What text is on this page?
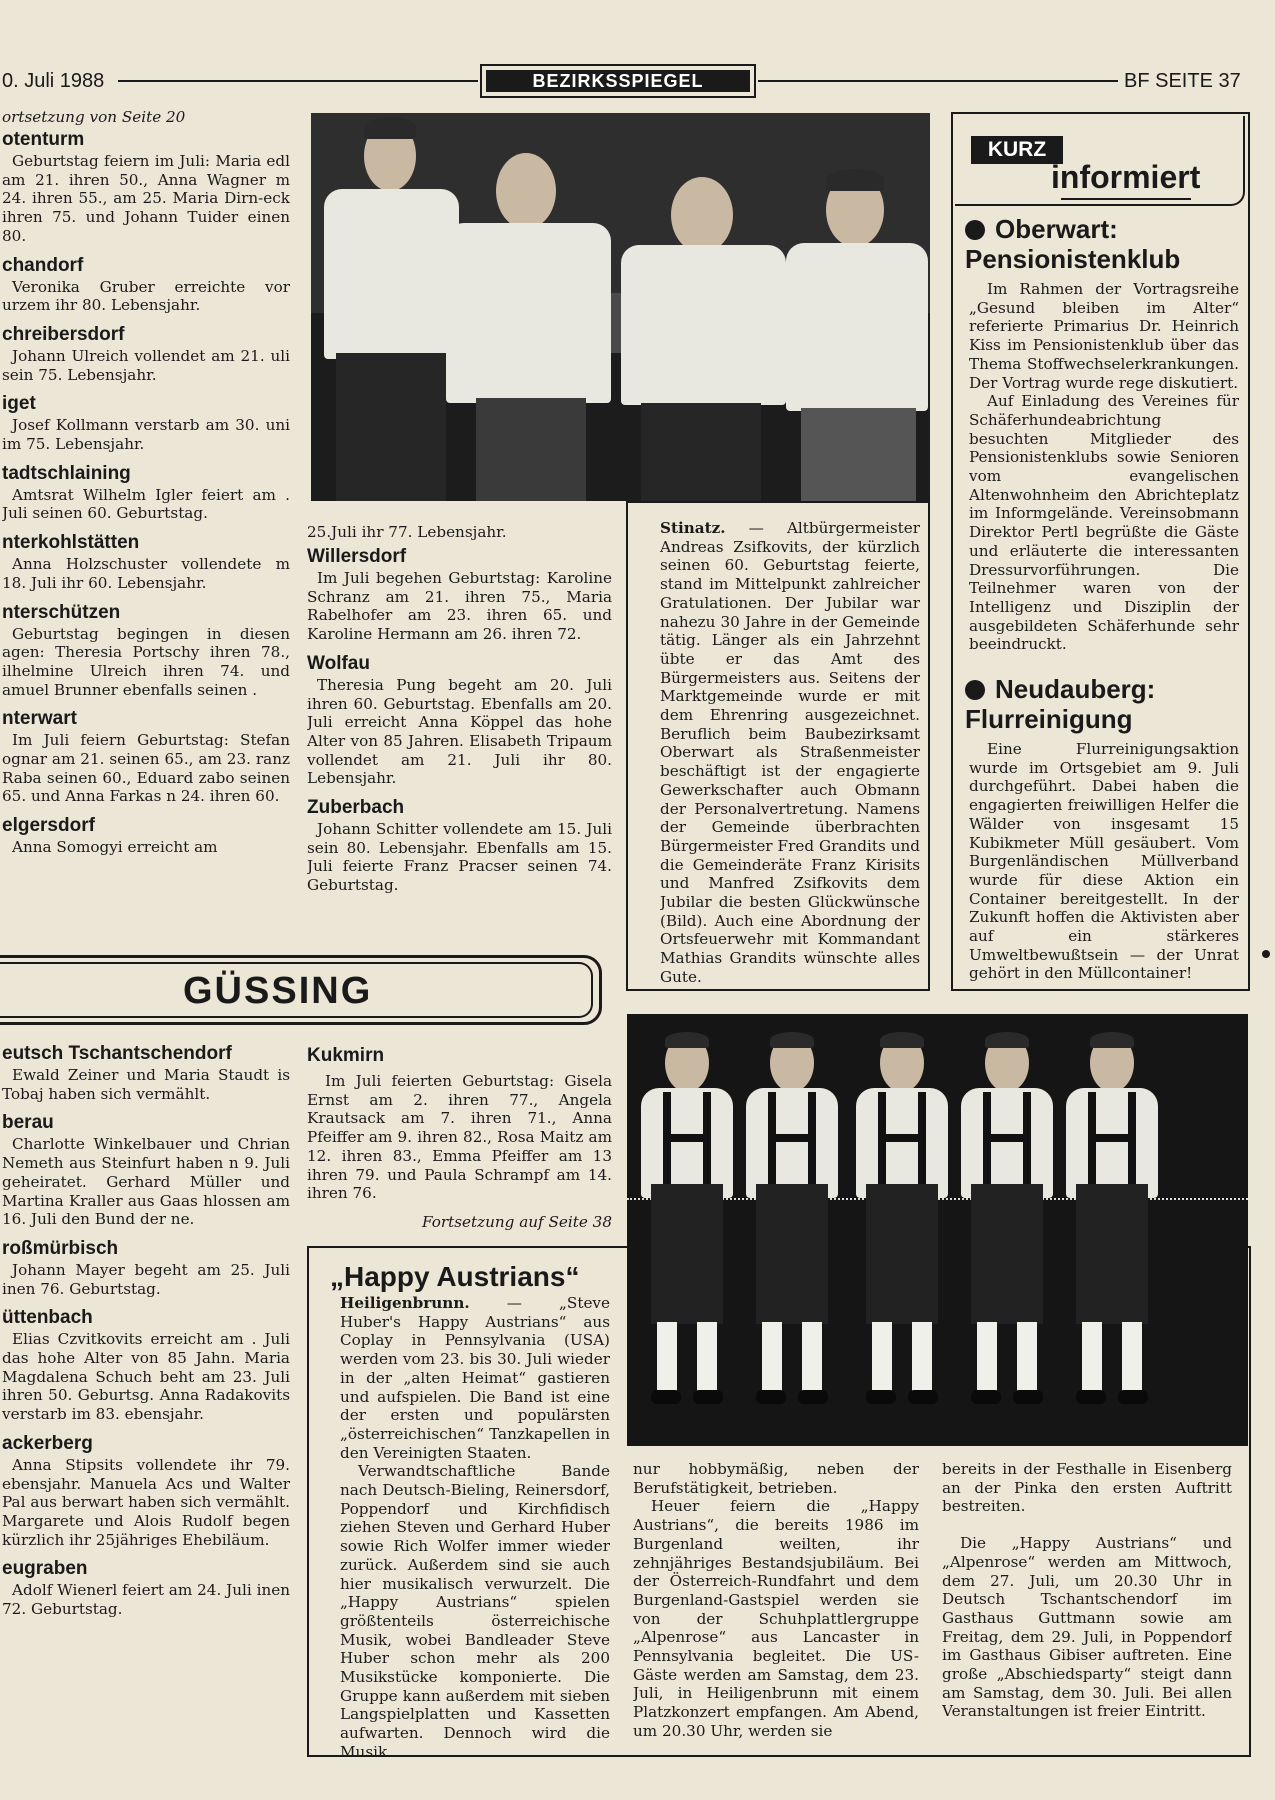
0. Juli 1988	BEZIRKSSPIEGEL	BF SEITE 37
ortsetzung von Seite 20
otenturm
Geburtstag feiern im Juli: Maria edl am 21. ihren 50., Anna Wagner m 24. ihren 55., am 25. Maria Dirn-eck ihren 75. und Johann Tuider einen 80.
chandorf
Veronika Gruber erreichte vor urzem ihr 80. Lebensjahr.
chreibersdorf
Johann Ulreich vollendet am 21. uli sein 75. Lebensjahr.
iget
Josef Kollmann verstarb am 30. uni im 75. Lebensjahr.
tadtschlaining
Amtsrat Wilhelm Igler feiert am . Juli seinen 60. Geburtstag.
nterkohlstätten
Anna Holzschuster vollendete m 18. Juli ihr 60. Lebensjahr.
nterschützen
Geburtstag begingen in diesen agen: Theresia Portschy ihren 78., ilhelmine Ulreich ihren 74. und amuel Brunner ebenfalls seinen .
nterwart
Im Juli feiern Geburtstag: Stefan ognar am 21. seinen 65., am 23. ranz Raba seinen 60., Eduard zabo seinen 65. und Anna Farkas n 24. ihren 60.
elgersdorf
Anna Somogyi erreicht am
25.Juli ihr 77. Lebensjahr.
Willersdorf
Im Juli begehen Geburtstag: Karoline Schranz am 21. ihren 75., Maria Rabelhofer am 23. ihren 65. und Karoline Hermann am 26. ihren 72.
Wolfau
Theresia Pung begeht am 20. Juli ihren 60. Geburtstag. Ebenfalls am 20. Juli erreicht Anna Köppel das hohe Alter von 85 Jahren. Elisabeth Tripaum vollendet am 21. Juli ihr 80. Lebensjahr.
Zuberbach
Johann Schitter vollendete am 15. Juli sein 80. Lebensjahr. Ebenfalls am 15. Juli feierte Franz Pracser seinen 74. Geburtstag.
Stinatz. — Altbürgermeister Andreas Zsifkovits, der kürzlich seinen 60. Geburtstag feierte, stand im Mittelpunkt zahlreicher Gratulationen. Der Jubilar war nahezu 30 Jahre in der Gemeinde tätig. Länger als ein Jahrzehnt übte er das Amt des Bürgermeisters aus. Seitens der Marktgemeinde wurde er mit dem Ehrenring ausgezeichnet. Beruflich beim Baubezirksamt Oberwart als Straßenmeister beschäftigt ist der engagierte Gewerkschafter auch Obmann der Personalvertretung. Namens der Gemeinde überbrachten Bürgermeister Fred Grandits und die Gemeinderäte Franz Kirisits und Manfred Zsifkovits dem Jubilar die besten Glückwünsche (Bild). Auch eine Abordnung der Ortsfeuerwehr mit Kommandant Mathias Grandits wünschte alles Gute.
KURZ
informiert
Oberwart: Pensionistenklub

Im Rahmen der Vortragsreihe „Gesund bleiben im Alter“ referierte Primarius Dr. Heinrich Kiss im Pensionistenklub über das Thema Stoffwechselerkrankungen. Der Vortrag wurde rege diskutiert.

Auf Einladung des Vereines für Schäferhundeabrichtung besuchten Mitglieder des Pensionistenklubs sowie Senioren vom evangelischen Altenwohnheim den Abrichteplatz im Informgelände. Vereinsobmann Direktor Pertl begrüßte die Gäste und erläuterte die interessanten Dressurvorführungen. Die Teilnehmer waren von der Intelligenz und Disziplin der ausgebildeten Schäferhunde sehr beeindruckt.

Neudauberg: Flurreinigung

Eine Flurreinigungsaktion wurde im Ortsgebiet am 9. Juli durchgeführt. Dabei haben die engagierten freiwilligen Helfer die Wälder von insgesamt 15 Kubikmeter Müll gesäubert. Vom Burgenländischen Müllverband wurde für diese Aktion ein Container bereitgestellt. In der Zukunft hoffen die Aktivisten aber auf ein stärkeres Umweltbewußtsein — der Unrat gehört in den Müllcontainer!

GÜSSING
eutsch Tschantschendorf
Ewald Zeiner und Maria Staudt is Tobaj haben sich vermählt.
berau
Charlotte Winkelbauer und Chrian Nemeth aus Steinfurt haben n 9. Juli geheiratet. Gerhard Müller und Martina Kraller aus Gaas hlossen am 16. Juli den Bund der ne.
roßmürbisch
Johann Mayer begeht am 25. Juli inen 76. Geburtstag.
üttenbach
Elias Czvitkovits erreicht am . Juli das hohe Alter von 85 Jahn. Maria Magdalena Schuch beht am 23. Juli ihren 50. Geburtsg. Anna Radakovits verstarb im 83. ebensjahr.
ackerberg
Anna Stipsits vollendete ihr 79. ebensjahr. Manuela Acs und Walter Pal aus berwart haben sich vermählt. Margarete und Alois Rudolf begen kürzlich ihr 25jähriges Ehebiläum.
eugraben
Adolf Wienerl feiert am 24. Juli inen 72. Geburtstag.
Kukmirn
Im Juli feierten Geburtstag: Gisela Ernst am 2. ihren 77., Angela Krautsack am 7. ihren 71., Anna Pfeiffer am 9. ihren 82., Rosa Maitz am 12. ihren 83., Emma Pfeiffer am 13 ihren 79. und Paula Schrampf am 14. ihren 76.
Fortsetzung auf Seite 38
„Happy Austrians“

Heiligenbrunn. — „Steve Huber's Happy Austrians“ aus Coplay in Pennsylvania (USA) werden vom 23. bis 30. Juli wieder in der „alten Heimat“ gastieren und aufspielen. Die Band ist eine der ersten und populärsten „österreichischen“ Tanzkapellen in den Vereinigten Staaten.

Verwandtschaftliche Bande nach Deutsch-Bieling, Reinersdorf, Poppendorf und Kirchfidisch ziehen Steven und Gerhard Huber sowie Rich Wolfer immer wieder zurück. Außerdem sind sie auch hier musikalisch verwurzelt. Die „Happy Austrians“ spielen größtenteils österreichische Musik, wobei Bandleader Steve Huber schon mehr als 200 Musikstücke komponierte. Die Gruppe kann außerdem mit sieben Langspielplatten und Kassetten aufwarten. Dennoch wird die Musik

nur hobbymäßig, neben der Berufstätigkeit, betrieben.

Heuer feiern die „Happy Austrians“, die bereits 1986 im Burgenland weilten, ihr zehnjähriges Bestandsjubiläum. Bei der Österreich-Rundfahrt und dem Burgenland-Gastspiel werden sie von der Schuhplattlergruppe „Alpenrose“ aus Lancaster in Pennsylvania begleitet. Die US-Gäste werden am Samstag, dem 23. Juli, in Heiligenbrunn mit einem Platzkonzert empfangen. Am Abend, um 20.30 Uhr, werden sie

bereits in der Festhalle in Eisenberg an der Pinka den ersten Auftritt bestreiten.

Die „Happy Austrians“ und „Alpenrose“ werden am Mittwoch, dem 27. Juli, um 20.30 Uhr in Deutsch Tschantschendorf im Gasthaus Guttmann sowie am Freitag, dem 29. Juli, in Poppendorf im Gasthaus Gibiser auftreten. Eine große „Abschiedsparty“ steigt dann am Samstag, dem 30. Juli. Bei allen Veranstaltungen ist freier Eintritt.
